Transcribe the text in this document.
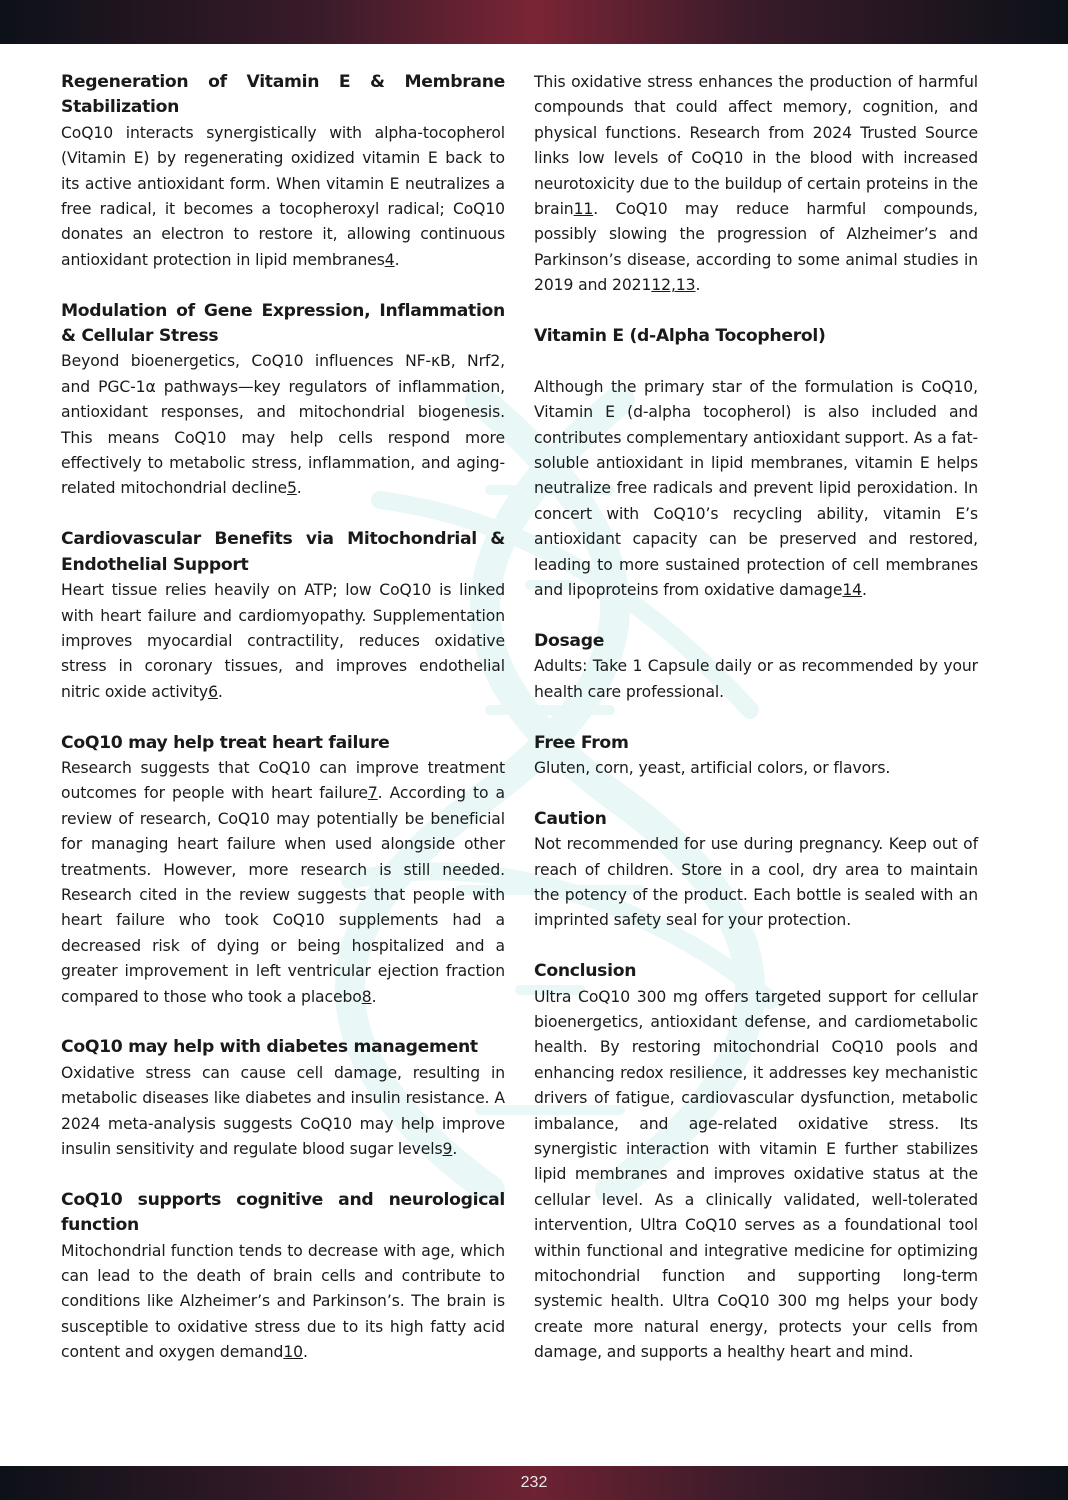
Regeneration of Vitamin E & Membrane Stabilization

CoQ10 interacts synergistically with alpha-tocopherol (Vitamin E) by regenerating oxidized vitamin E back to its active antioxidant form. When vitamin E neutralizes a free radical, it becomes a tocopheroxyl radical; CoQ10 donates an electron to restore it, allowing continuous antioxidant protection in lipid membranes4.

Modulation of Gene Expression, Inflammation & Cellular Stress

Beyond bioenergetics, CoQ10 influences NF-κB, Nrf2, and PGC-1α pathways—key regulators of inflammation, antioxidant responses, and mitochondrial biogenesis. This means CoQ10 may help cells respond more effectively to metabolic stress, inflammation, and aging-related mitochondrial decline5.

Cardiovascular Benefits via Mitochondrial & Endothelial Support

Heart tissue relies heavily on ATP; low CoQ10 is linked with heart failure and cardiomyopathy. Supplementation improves myocardial contractility, reduces oxidative stress in coronary tissues, and improves endothelial nitric oxide activity6.

CoQ10 may help treat heart failure

Research suggests that CoQ10 can improve treatment outcomes for people with heart failure7. According to a review of research, CoQ10 may potentially be beneficial for managing heart failure when used alongside other treatments. However, more research is still needed. Research cited in the review suggests that people with heart failure who took CoQ10 supplements had a decreased risk of dying or being hospitalized and a greater improvement in left ventricular ejection fraction compared to those who took a placebo8.

CoQ10 may help with diabetes management

Oxidative stress can cause cell damage, resulting in metabolic diseases like diabetes and insulin resistance. A 2024 meta-analysis suggests CoQ10 may help improve insulin sensitivity and regulate blood sugar levels9.

CoQ10 supports cognitive and neurological function

Mitochondrial function tends to decrease with age, which can lead to the death of brain cells and contribute to conditions like Alzheimer’s and Parkinson’s. The brain is susceptible to oxidative stress due to its high fatty acid content and oxygen demand10.

This oxidative stress enhances the production of harmful compounds that could affect memory, cognition, and physical functions. Research from 2024 Trusted Source links low levels of CoQ10 in the blood with increased neurotoxicity due to the buildup of certain proteins in the brain11. CoQ10 may reduce harmful compounds, possibly slowing the progression of Alzheimer’s and Parkinson’s disease, according to some animal studies in 2019 and 202112,13.

Vitamin E (d-Alpha Tocopherol)

Although the primary star of the formulation is CoQ10, Vitamin E (d-alpha tocopherol) is also included and contributes complementary antioxidant support. As a fat-soluble antioxidant in lipid membranes, vitamin E helps neutralize free radicals and prevent lipid peroxidation. In concert with CoQ10’s recycling ability, vitamin E’s antioxidant capacity can be preserved and restored, leading to more sustained protection of cell membranes and lipoproteins from oxidative damage14.

Dosage

Adults: Take 1 Capsule daily or as recommended by your health care professional.

Free From

Gluten, corn, yeast, artificial colors, or flavors.

Caution

Not recommended for use during pregnancy. Keep out of reach of children. Store in a cool, dry area to maintain the potency of the product. Each bottle is sealed with an imprinted safety seal for your protection.

Conclusion

Ultra CoQ10 300 mg offers targeted support for cellular bioenergetics, antioxidant defense, and cardiometabolic health. By restoring mitochondrial CoQ10 pools and enhancing redox resilience, it addresses key mechanistic drivers of fatigue, cardiovascular dysfunction, metabolic imbalance, and age-related oxidative stress. Its synergistic interaction with vitamin E further stabilizes lipid membranes and improves oxidative status at the cellular level. As a clinically validated, well-tolerated intervention, Ultra CoQ10 serves as a foundational tool within functional and integrative medicine for optimizing mitochondrial function and supporting long-term systemic health. Ultra CoQ10 300 mg helps your body create more natural energy, protects your cells from damage, and supports a healthy heart and mind.

232
